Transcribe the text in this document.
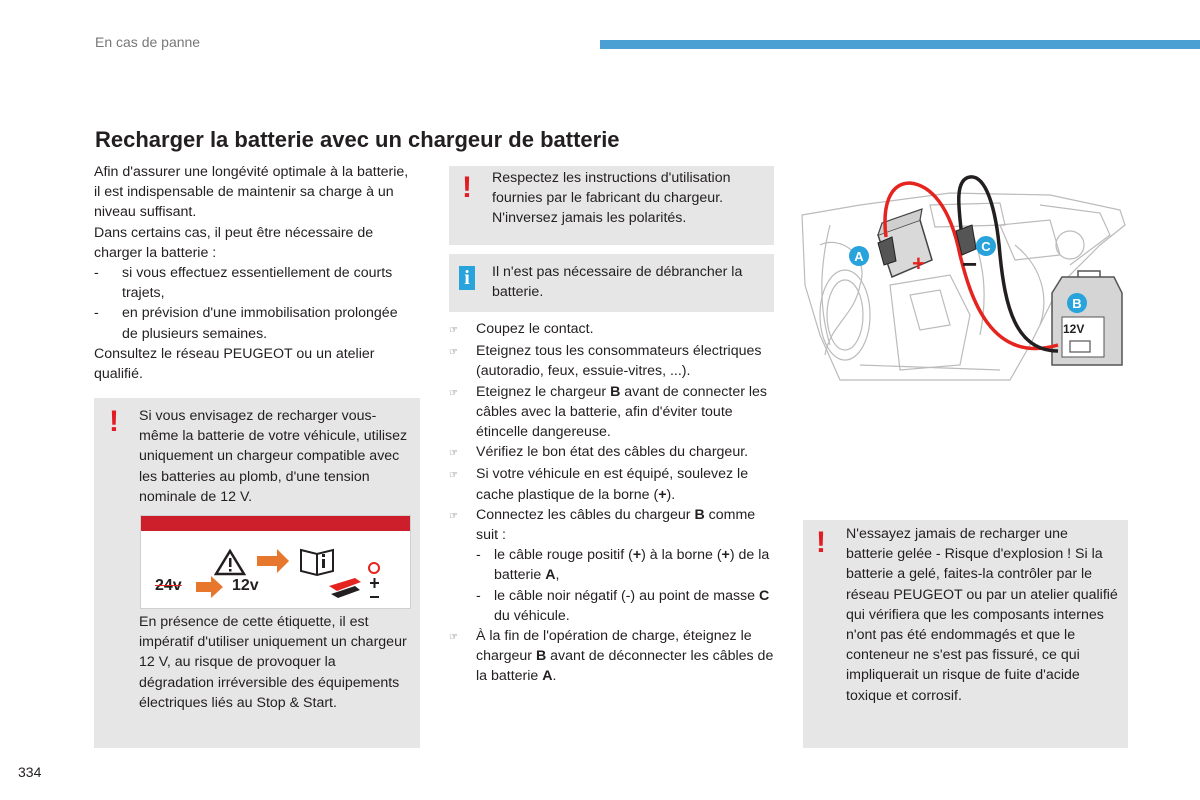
En cas de panne
Recharger la batterie avec un chargeur de batterie

Afin d'assurer une longévité optimale à la batterie, il est indispensable de maintenir sa charge à un niveau suffisant.

Dans certains cas, il peut être nécessaire de charger la batterie :

-	si vous effectuez essentiellement de courts trajets,
-	en prévision d'une immobilisation prolongée de plusieurs semaines.

Consultez le réseau PEUGEOT ou un atelier qualifié.

! Si vous envisagez de recharger vous-même la batterie de votre véhicule, utilisez uniquement un chargeur compatible avec les batteries au plomb, d'une tension nominale de 12 V.
24v	12v
En présence de cette étiquette, il est impératif d'utiliser uniquement un chargeur 12 V, au risque de provoquer la dégradation irréversible des équipements électriques liés au Stop & Start.
! Respectez les instructions d'utilisation fournies par le fabricant du chargeur. N'inversez jamais les polarités.
i	Il n'est pas nécessaire de débrancher la batterie.
☞	Coupez le contact.
☞	Eteignez tous les consommateurs électriques (autoradio, feux, essuie-vitres, ...).
☞	Eteignez le chargeur B avant de connecter les câbles avec la batterie, afin d'éviter toute étincelle dangereuse.
☞	Vérifiez le bon état des câbles du chargeur.
☞	Si votre véhicule en est équipé, soulevez le cache plastique de la borne (+).
☞	Connectez les câbles du chargeur B comme suit :
- le câble rouge positif (+) à la borne (+) de la batterie A,
- le câble noir négatif (-) au point de masse C du véhicule.
☞	À la fin de l'opération de charge, éteignez le chargeur B avant de déconnecter les câbles de la batterie A.
+ −
A
C
B
12V
! N'essayez jamais de recharger une batterie gelée - Risque d'explosion ! Si la batterie a gelé, faites-la contrôler par le réseau PEUGEOT ou par un atelier qualifié qui vérifiera que les composants internes n'ont pas été endommagés et que le conteneur ne s'est pas fissuré, ce qui impliquerait un risque de fuite d'acide toxique et corrosif.
334
